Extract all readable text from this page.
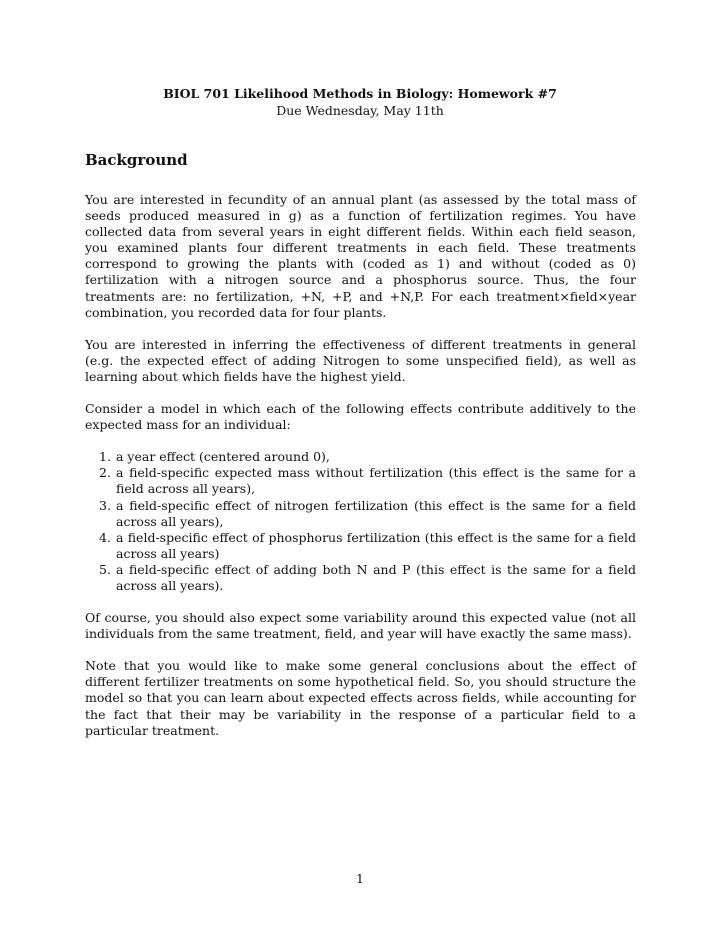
BIOL 701 Likelihood Methods in Biology: Homework #7
Due Wednesday, May 11th
Background

You are interested in fecundity of an annual plant (as assessed by the total mass of seeds produced measured in g) as a function of fertilization regimes. You have collected data from several years in eight different fields. Within each field season, you examined plants four different treatments in each field. These treatments correspond to growing the plants with (coded as 1) and without (coded as 0) fertilization with a nitrogen source and a phosphorus source. Thus, the four treatments are: no fertilization, +N, +P, and +N,P. For each treatment×field×year combination, you recorded data for four plants.

You are interested in inferring the effectiveness of different treatments in general (e.g. the expected effect of adding Nitrogen to some unspecified field), as well as learning about which fields have the highest yield.

Consider a model in which each of the following effects contribute additively to the expected mass for an individual:

1. a year effect (centered around 0),
2. a field-specific expected mass without fertilization (this effect is the same for a field across all years),
3. a field-specific effect of nitrogen fertilization (this effect is the same for a field across all years),
4. a field-specific effect of phosphorus fertilization (this effect is the same for a field across all years)
5. a field-specific effect of adding both N and P (this effect is the same for a field across all years).

Of course, you should also expect some variability around this expected value (not all individuals from the same treatment, field, and year will have exactly the same mass).

Note that you would like to make some general conclusions about the effect of different fertilizer treatments on some hypothetical field. So, you should structure the model so that you can learn about expected effects across fields, while accounting for the fact that their may be variability in the response of a particular field to a particular treatment.

1
